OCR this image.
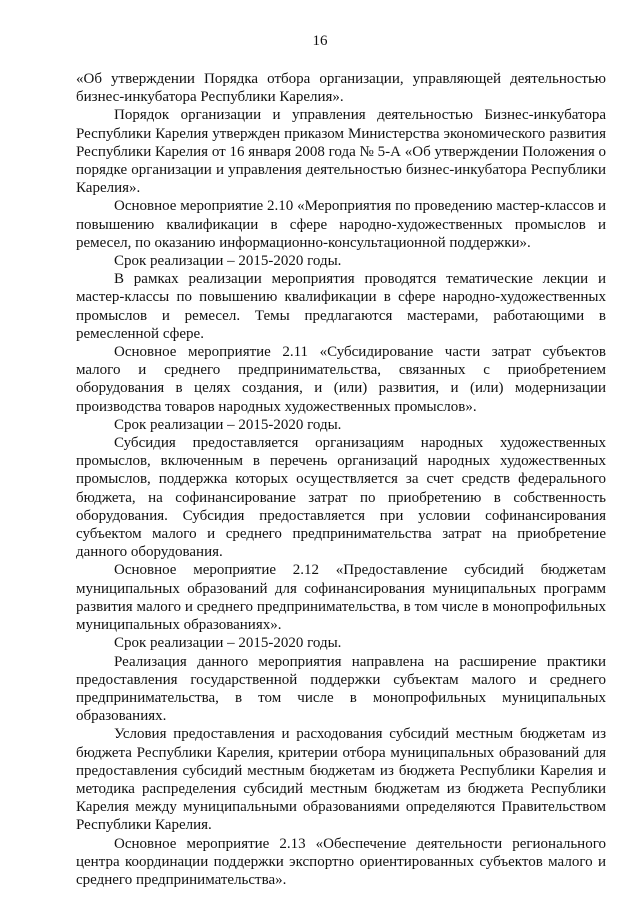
16

«Об утверждении Порядка отбора организации, управляющей деятельностью бизнес-инкубатора Республики Карелия».

Порядок организации и управления деятельностью Бизнес-инкубатора Республики Карелия утвержден приказом Министерства экономического развития Республики Карелия от 16 января 2008 года № 5-А «Об утверждении Положения о порядке организации и управления деятельностью бизнес-инкубатора Республики Карелия».

Основное мероприятие 2.10 «Мероприятия по проведению мастер-классов и повышению квалификации в сфере народно-художественных промыслов и ремесел, по оказанию информационно-консультационной поддержки».

Срок реализации – 2015-2020 годы.

В рамках реализации мероприятия проводятся тематические лекции и мастер-классы по повышению квалификации в сфере народно-художественных промыслов и ремесел. Темы предлагаются мастерами, работающими в ремесленной сфере.

Основное мероприятие 2.11 «Субсидирование части затрат субъектов малого и среднего предпринимательства, связанных с приобретением оборудования в целях создания, и (или) развития, и (или) модернизации производства товаров народных художественных промыслов».

Срок реализации – 2015-2020 годы.

Субсидия предоставляется организациям народных художественных промыслов, включенным в перечень организаций народных художественных промыслов, поддержка которых осуществляется за счет средств федерального бюджета, на софинансирование затрат по приобретению в собственность оборудования. Субсидия предоставляется при условии софинансирования субъектом малого и среднего предпринимательства затрат на приобретение данного оборудования.

Основное мероприятие 2.12 «Предоставление субсидий бюджетам муниципальных образований для софинансирования муниципальных программ развития малого и среднего предпринимательства, в том числе в монопрофильных муниципальных образованиях».

Срок реализации – 2015-2020 годы.

Реализация данного мероприятия направлена на расширение практики предоставления государственной поддержки субъектам малого и среднего предпринимательства, в том числе в монопрофильных муниципальных образованиях.

Условия предоставления и расходования субсидий местным бюджетам из бюджета Республики Карелия, критерии отбора муниципальных образований для предоставления субсидий местным бюджетам из бюджета Республики Карелия и методика распределения субсидий местным бюджетам из бюджета Республики Карелия между муниципальными образованиями определяются Правительством Республики Карелия.

Основное мероприятие 2.13 «Обеспечение деятельности регионального центра координации поддержки экспортно ориентированных субъектов малого и среднего предпринимательства».
